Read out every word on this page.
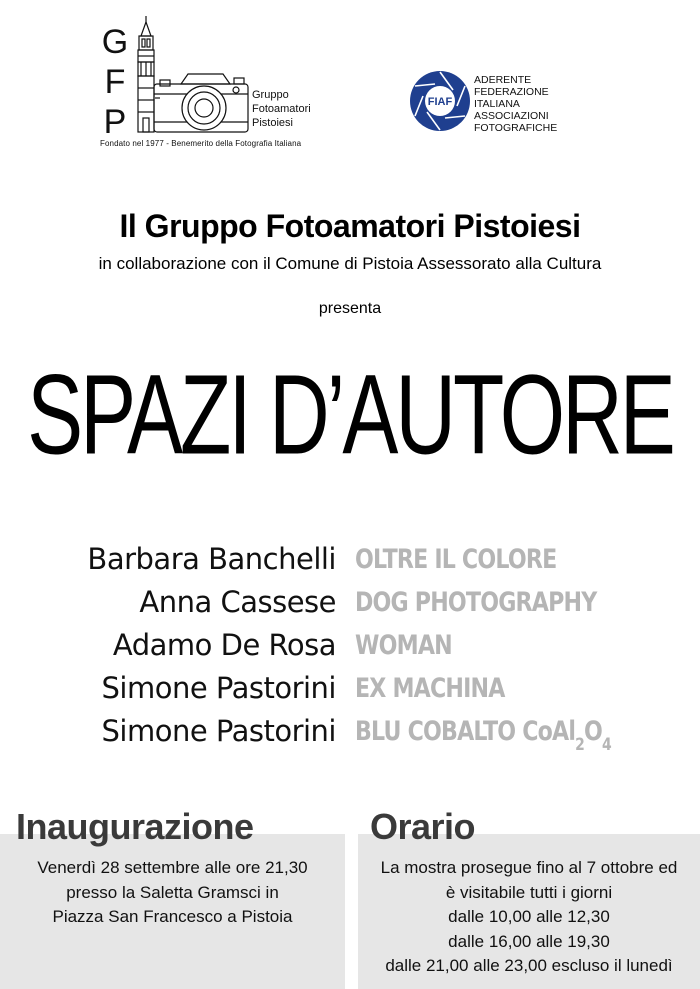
G
F
P
Gruppo
Fotoamatori
Pistoiesi
Fondato nel 1977 - Benemerito della Fotografia Italiana
FIAF
ADERENTE
FEDERAZIONE
ITALIANA
ASSOCIAZIONI
FOTOGRAFICHE
Il Gruppo Fotoamatori Pistoiesi
in collaborazione con il Comune di Pistoia Assessorato alla Cultura
presenta
SPAZI D’AUTORE
Barbara Banchelli OLTRE IL COLORE
Anna Cassese DOG PHOTOGRAPHY
Adamo De Rosa WOMAN
Simone Pastorini EX MACHINA
Simone Pastorini BLU COBALTO $CoAl_2O_4$
Inaugurazione	Orario
Venerdì 28 settembre alle ore 21,30
presso la Saletta Gramsci in
Piazza San Francesco a Pistoia
La mostra prosegue fino al 7 ottobre ed
è visitabile tutti i giorni
dalle 10,00 alle 12,30
dalle 16,00 alle 19,30
dalle 21,00 alle 23,00 escluso il lunedì
